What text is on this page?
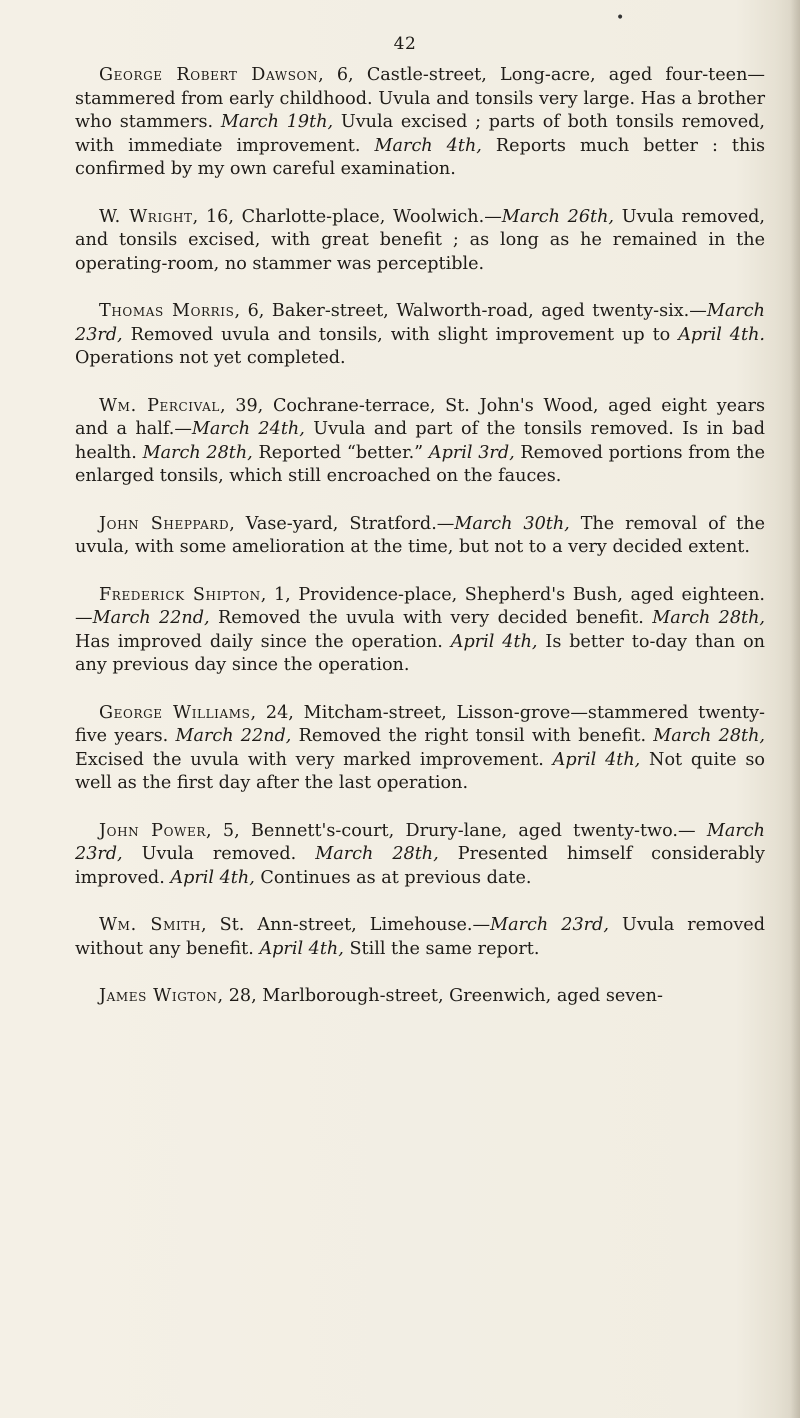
•
42

George Robert Dawson, 6, Castle-street, Long-acre, aged four-teen—stammered from early childhood. Uvula and tonsils very large. Has a brother who stammers. March 19th, Uvula excised ; parts of both tonsils removed, with immediate improvement. March 4th, Reports much better : this confirmed by my own careful examination.

W. Wright, 16, Charlotte-place, Woolwich.—March 26th, Uvula removed, and tonsils excised, with great benefit ; as long as he remained in the operating-room, no stammer was perceptible.

Thomas Morris, 6, Baker-street, Walworth-road, aged twenty-six.—March 23rd, Removed uvula and tonsils, with slight improvement up to April 4th. Operations not yet completed.

Wm. Percival, 39, Cochrane-terrace, St. John's Wood, aged eight years and a half.—March 24th, Uvula and part of the tonsils removed. Is in bad health. March 28th, Reported “better.” April 3rd, Removed portions from the enlarged tonsils, which still encroached on the fauces.

John Sheppard, Vase-yard, Stratford.—March 30th, The removal of the uvula, with some amelioration at the time, but not to a very decided extent.

Frederick Shipton, 1, Providence-place, Shepherd's Bush, aged eighteen.—March 22nd, Removed the uvula with very decided benefit. March 28th, Has improved daily since the operation. April 4th, Is better to-day than on any previous day since the operation.

George Williams, 24, Mitcham-street, Lisson-grove—stammered twenty-five years. March 22nd, Removed the right tonsil with benefit. March 28th, Excised the uvula with very marked improvement. April 4th, Not quite so well as the first day after the last operation.

John Power, 5, Bennett's-court, Drury-lane, aged twenty-two.— March 23rd, Uvula removed. March 28th, Presented himself considerably improved. April 4th, Continues as at previous date.

Wm. Smith, St. Ann-street, Limehouse.—March 23rd, Uvula removed without any benefit. April 4th, Still the same report.

James Wigton, 28, Marlborough-street, Greenwich, aged seven-
